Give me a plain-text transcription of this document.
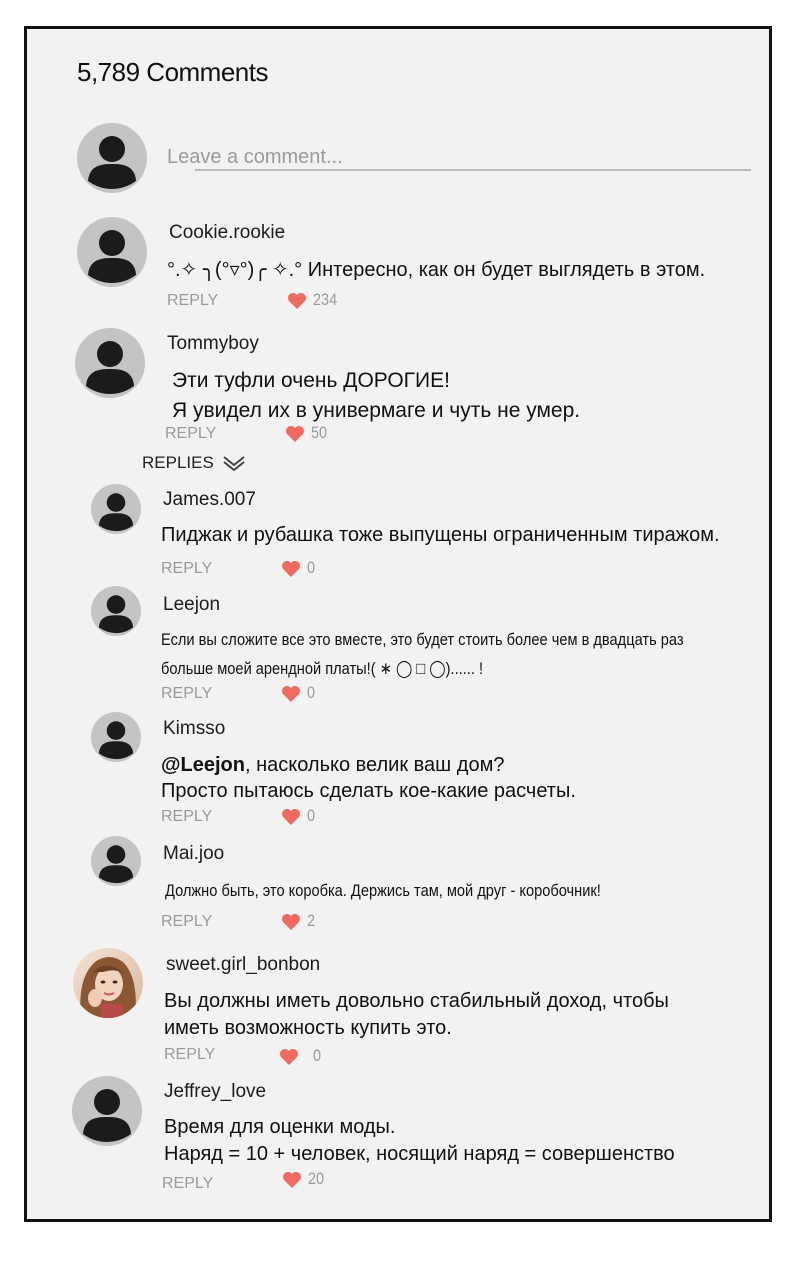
5,789 Comments
Leave a comment...
Cookie.rookie
°.✧ ╮(°▿°)╭ ✧.° Интересно, как он будет выглядеть в этом.
REPLY	234
Tommyboy
Эти туфли очень ДОРОГИЕ!
Я увидел их в универмаге и чуть не умер.
REPLY	50
REPLIES
James.007
Пиджак и рубашка тоже выпущены ограниченным тиражом.
REPLY	0
Leejon
Если вы сложите все это вместе, это будет стоить более чем в двадцать раз
больше моей арендной платы!( ∗ ◯ □ ◯)...... !
REPLY	0
Kimsso
@Leejon, насколько велик ваш дом?
Просто пытаюсь сделать кое-какие расчеты.
REPLY	0
Mai.joo
Должно быть, это коробка. Держись там, мой друг - коробочник!
REPLY	2
sweet.girl_bonbon
Вы должны иметь довольно стабильный доход, чтобы
иметь возможность купить это.
REPLY	0
Jeffrey_love
Время для оценки моды.
Наряд = 10 + человек, носящий наряд = совершенство
REPLY	20
